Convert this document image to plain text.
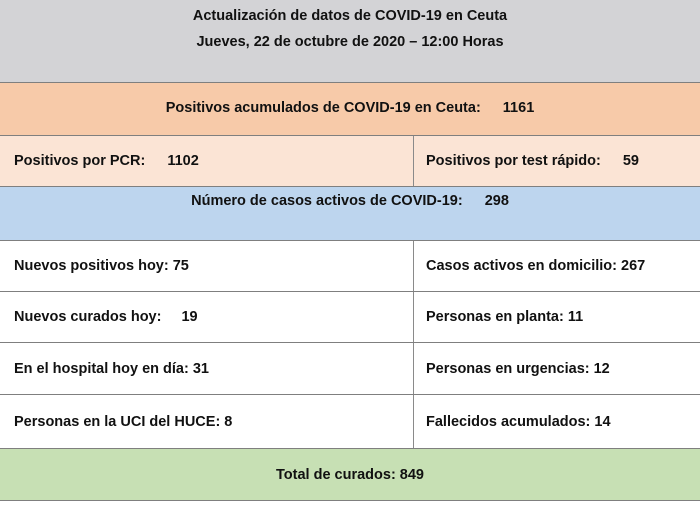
Actualización de datos de COVID-19 en Ceuta
Jueves, 22 de octubre de 2020 – 12:00 Horas
Positivos acumulados de COVID-19 en Ceuta: 1161
Positivos por PCR: 1102	Positivos por test rápido: 59
Número de casos activos de COVID-19: 298
Nuevos positivos hoy: 75	Casos activos en domicilio: 267
Nuevos curados hoy: 19	Personas en planta: 11
En el hospital hoy en día: 31	Personas en urgencias: 12
Personas en la UCI del HUCE: 8	Fallecidos acumulados: 14
Total de curados: 849
